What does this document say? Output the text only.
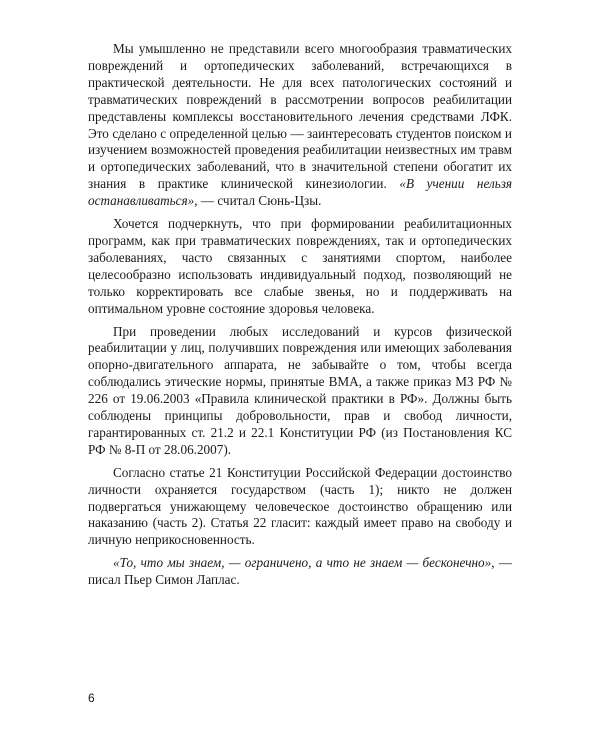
Мы умышленно не представили всего многообразия травматических повреждений и ортопедических заболеваний, встречающихся в практической деятельности. Не для всех патологических состояний и травматических повреждений в рассмотрении вопросов реабилитации представлены комплексы восстановительного лечения средствами ЛФК. Это сделано с определенной целью — заинтересовать студентов поиском и изучением возможностей проведения реабилитации неизвестных им травм и ортопедических заболеваний, что в значительной степени обогатит их знания в практике клинической кинезиологии. «В учении нельзя останавливаться», — считал Сюнь-Цзы.

Хочется подчеркнуть, что при формировании реабилитационных программ, как при травматических повреждениях, так и ортопедических заболеваниях, часто связанных с занятиями спортом, наиболее целесообразно использовать индивидуальный подход, позволяющий не только корректировать все слабые звенья, но и поддерживать на оптимальном уровне состояние здоровья человека.

При проведении любых исследований и курсов физической реабилитации у лиц, получивших повреждения или имеющих заболевания опорно-двигательного аппарата, не забывайте о том, чтобы всегда соблюдались этические нормы, принятые ВМА, а также приказ МЗ РФ № 226 от 19.06.2003 «Правила клинической практики в РФ». Должны быть соблюдены принципы добровольности, прав и свобод личности, гарантированных ст. 21.2 и 22.1 Конституции РФ (из Постановления КС РФ № 8-П от 28.06.2007).

Согласно статье 21 Конституции Российской Федерации достоинство личности охраняется государством (часть 1); никто не должен подвергаться унижающему человеческое достоинство обращению или наказанию (часть 2). Статья 22 гласит: каждый имеет право на свободу и личную неприкосновенность.

«То, что мы знаем, — ограничено, а что не знаем — бесконечно», — писал Пьер Симон Лаплас.

6
